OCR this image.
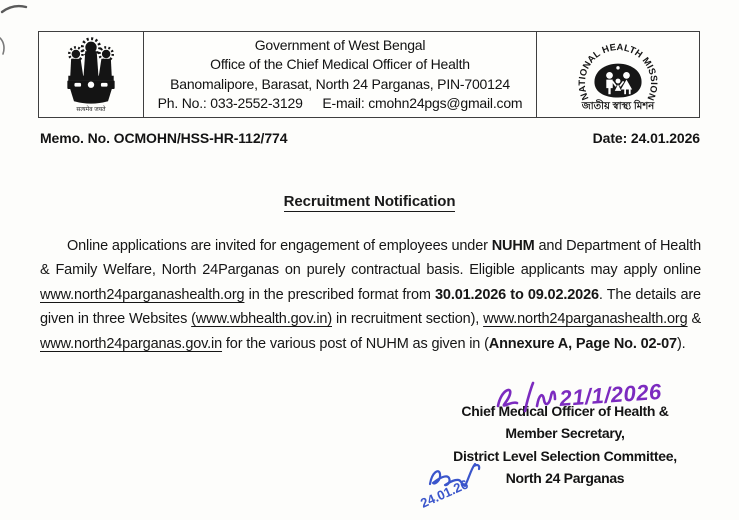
सत्यमेव जयते
Government of West Bengal
Office of the Chief Medical Officer of Health
Banomalipore, Barasat, North 24 Parganas, PIN-700124
Ph. No.: 033-2552-3129 E-mail: cmohn24pgs@gmail.com	NATIONAL HEALTH MISSION
জাতীয় স্বাস্থ্য মিশন
Memo. No. OCMOHN/HSS-HR-112/774	Date: 24.01.2026
Recruitment Notification

Online applications are invited for engagement of employees under NUHM and Department of Health & Family Welfare, North 24Parganas on purely contractual basis. Eligible applicants may apply online www.north24parganashealth.org in the prescribed format from 30.01.2026 to 09.02.2026. The details are given in three Websites (www.wbhealth.gov.in) in recruitment section), www.north24parganashealth.org & www.north24parganas.gov.in for the various post of NUHM as given in (Annexure A, Page No. 02-07).

21/1/2026
Chief Medical Officer of Health &
Member Secretary,
District Level Selection Committee,
North 24 Parganas
24.01.26
